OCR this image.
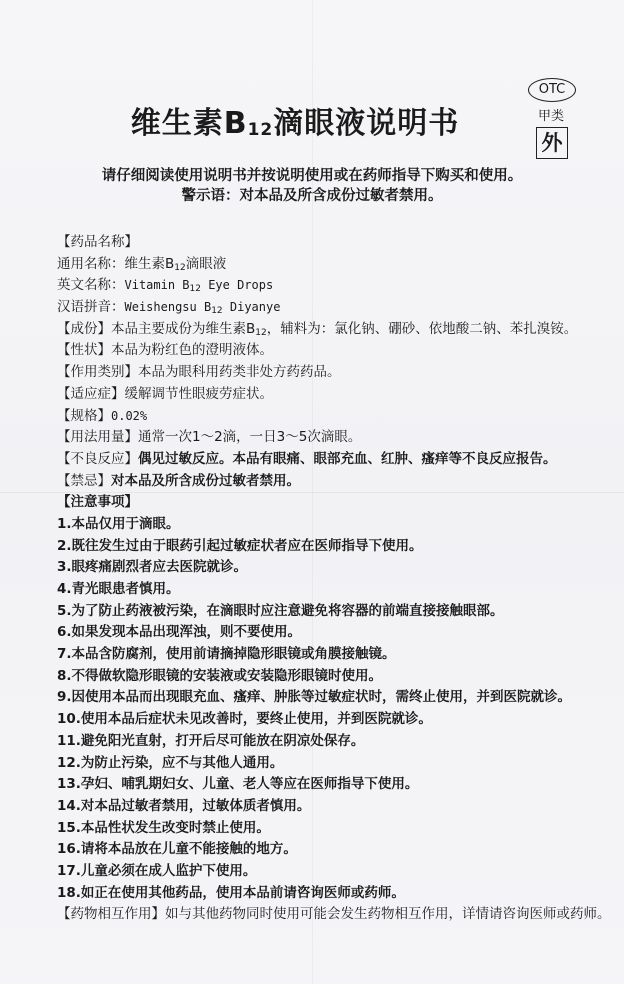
OTC
甲类
外
维生素$B_{12}$滴眼液说明书
请仔细阅读使用说明书并按说明使用或在药师指导下购买和使用。
警示语：对本品及所含成份过敏者禁用。
【药品名称】
通用名称：维生素$B_{12}$滴眼液
英文名称：Vitamin $B_{12}$ Eye Drops
汉语拼音：Weishengsu $B_{12}$ Diyanye
【成份】本品主要成份为维生素$B_{12}$，辅料为：氯化钠、硼砂、依地酸二钠、苯扎溴铵。
【性状】本品为粉红色的澄明液体。
【作用类别】本品为眼科用药类非处方药药品。
【适应症】缓解调节性眼疲劳症状。
【规格】0.02%
【用法用量】通常一次1～2滴，一日3～5次滴眼。
【不良反应】偶见过敏反应。本品有眼痛、眼部充血、红肿、瘙痒等不良反应报告。
【禁忌】对本品及所含成份过敏者禁用。
【注意事项】
1.本品仅用于滴眼。
2.既往发生过由于眼药引起过敏症状者应在医师指导下使用。
3.眼疼痛剧烈者应去医院就诊。
4.青光眼患者慎用。
5.为了防止药液被污染，在滴眼时应注意避免将容器的前端直接接触眼部。
6.如果发现本品出现浑浊，则不要使用。
7.本品含防腐剂，使用前请摘掉隐形眼镜或角膜接触镜。
8.不得做软隐形眼镜的安装液或安装隐形眼镜时使用。
9.因使用本品而出现眼充血、瘙痒、肿胀等过敏症状时，需终止使用，并到医院就诊。
10.使用本品后症状未见改善时，要终止使用，并到医院就诊。
11.避免阳光直射，打开后尽可能放在阴凉处保存。
12.为防止污染，应不与其他人通用。
13.孕妇、哺乳期妇女、儿童、老人等应在医师指导下使用。
14.对本品过敏者禁用，过敏体质者慎用。
15.本品性状发生改变时禁止使用。
16.请将本品放在儿童不能接触的地方。
17.儿童必须在成人监护下使用。
18.如正在使用其他药品，使用本品前请咨询医师或药师。
【药物相互作用】如与其他药物同时使用可能会发生药物相互作用，详情请咨询医师或药师。
